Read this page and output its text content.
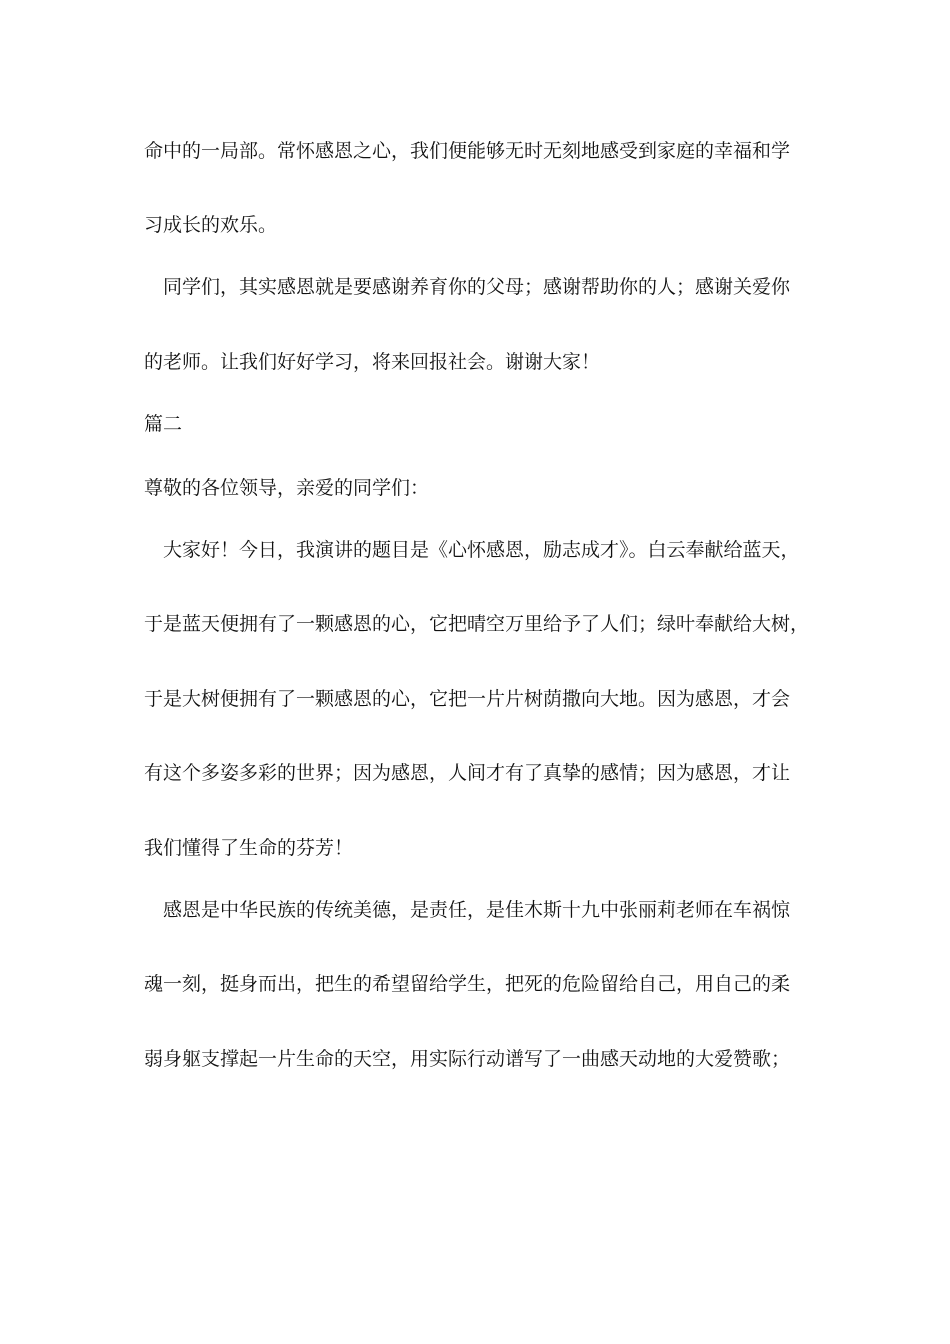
命中的一局部。常怀感恩之心，我们便能够无时无刻地感受到家庭的幸福和学
习成长的欢乐。
　同学们，其实感恩就是要感谢养育你的父母；感谢帮助你的人；感谢关爱你
的老师。让我们好好学习，将来回报社会。谢谢大家！
篇二
尊敬的各位领导，亲爱的同学们：
　大家好！今日，我演讲的题目是《心怀感恩，励志成才》。白云奉献给蓝天，
于是蓝天便拥有了一颗感恩的心，它把晴空万里给予了人们；绿叶奉献给大树，
于是大树便拥有了一颗感恩的心，它把一片片树荫撒向大地。因为感恩，才会
有这个多姿多彩的世界；因为感恩，人间才有了真挚的感情；因为感恩，才让
我们懂得了生命的芬芳！
　感恩是中华民族的传统美德，是责任，是佳木斯十九中张丽莉老师在车祸惊
魂一刻，挺身而出，把生的希望留给学生，把死的危险留给自己，用自己的柔
弱身躯支撑起一片生命的天空，用实际行动谱写了一曲感天动地的大爱赞歌；
